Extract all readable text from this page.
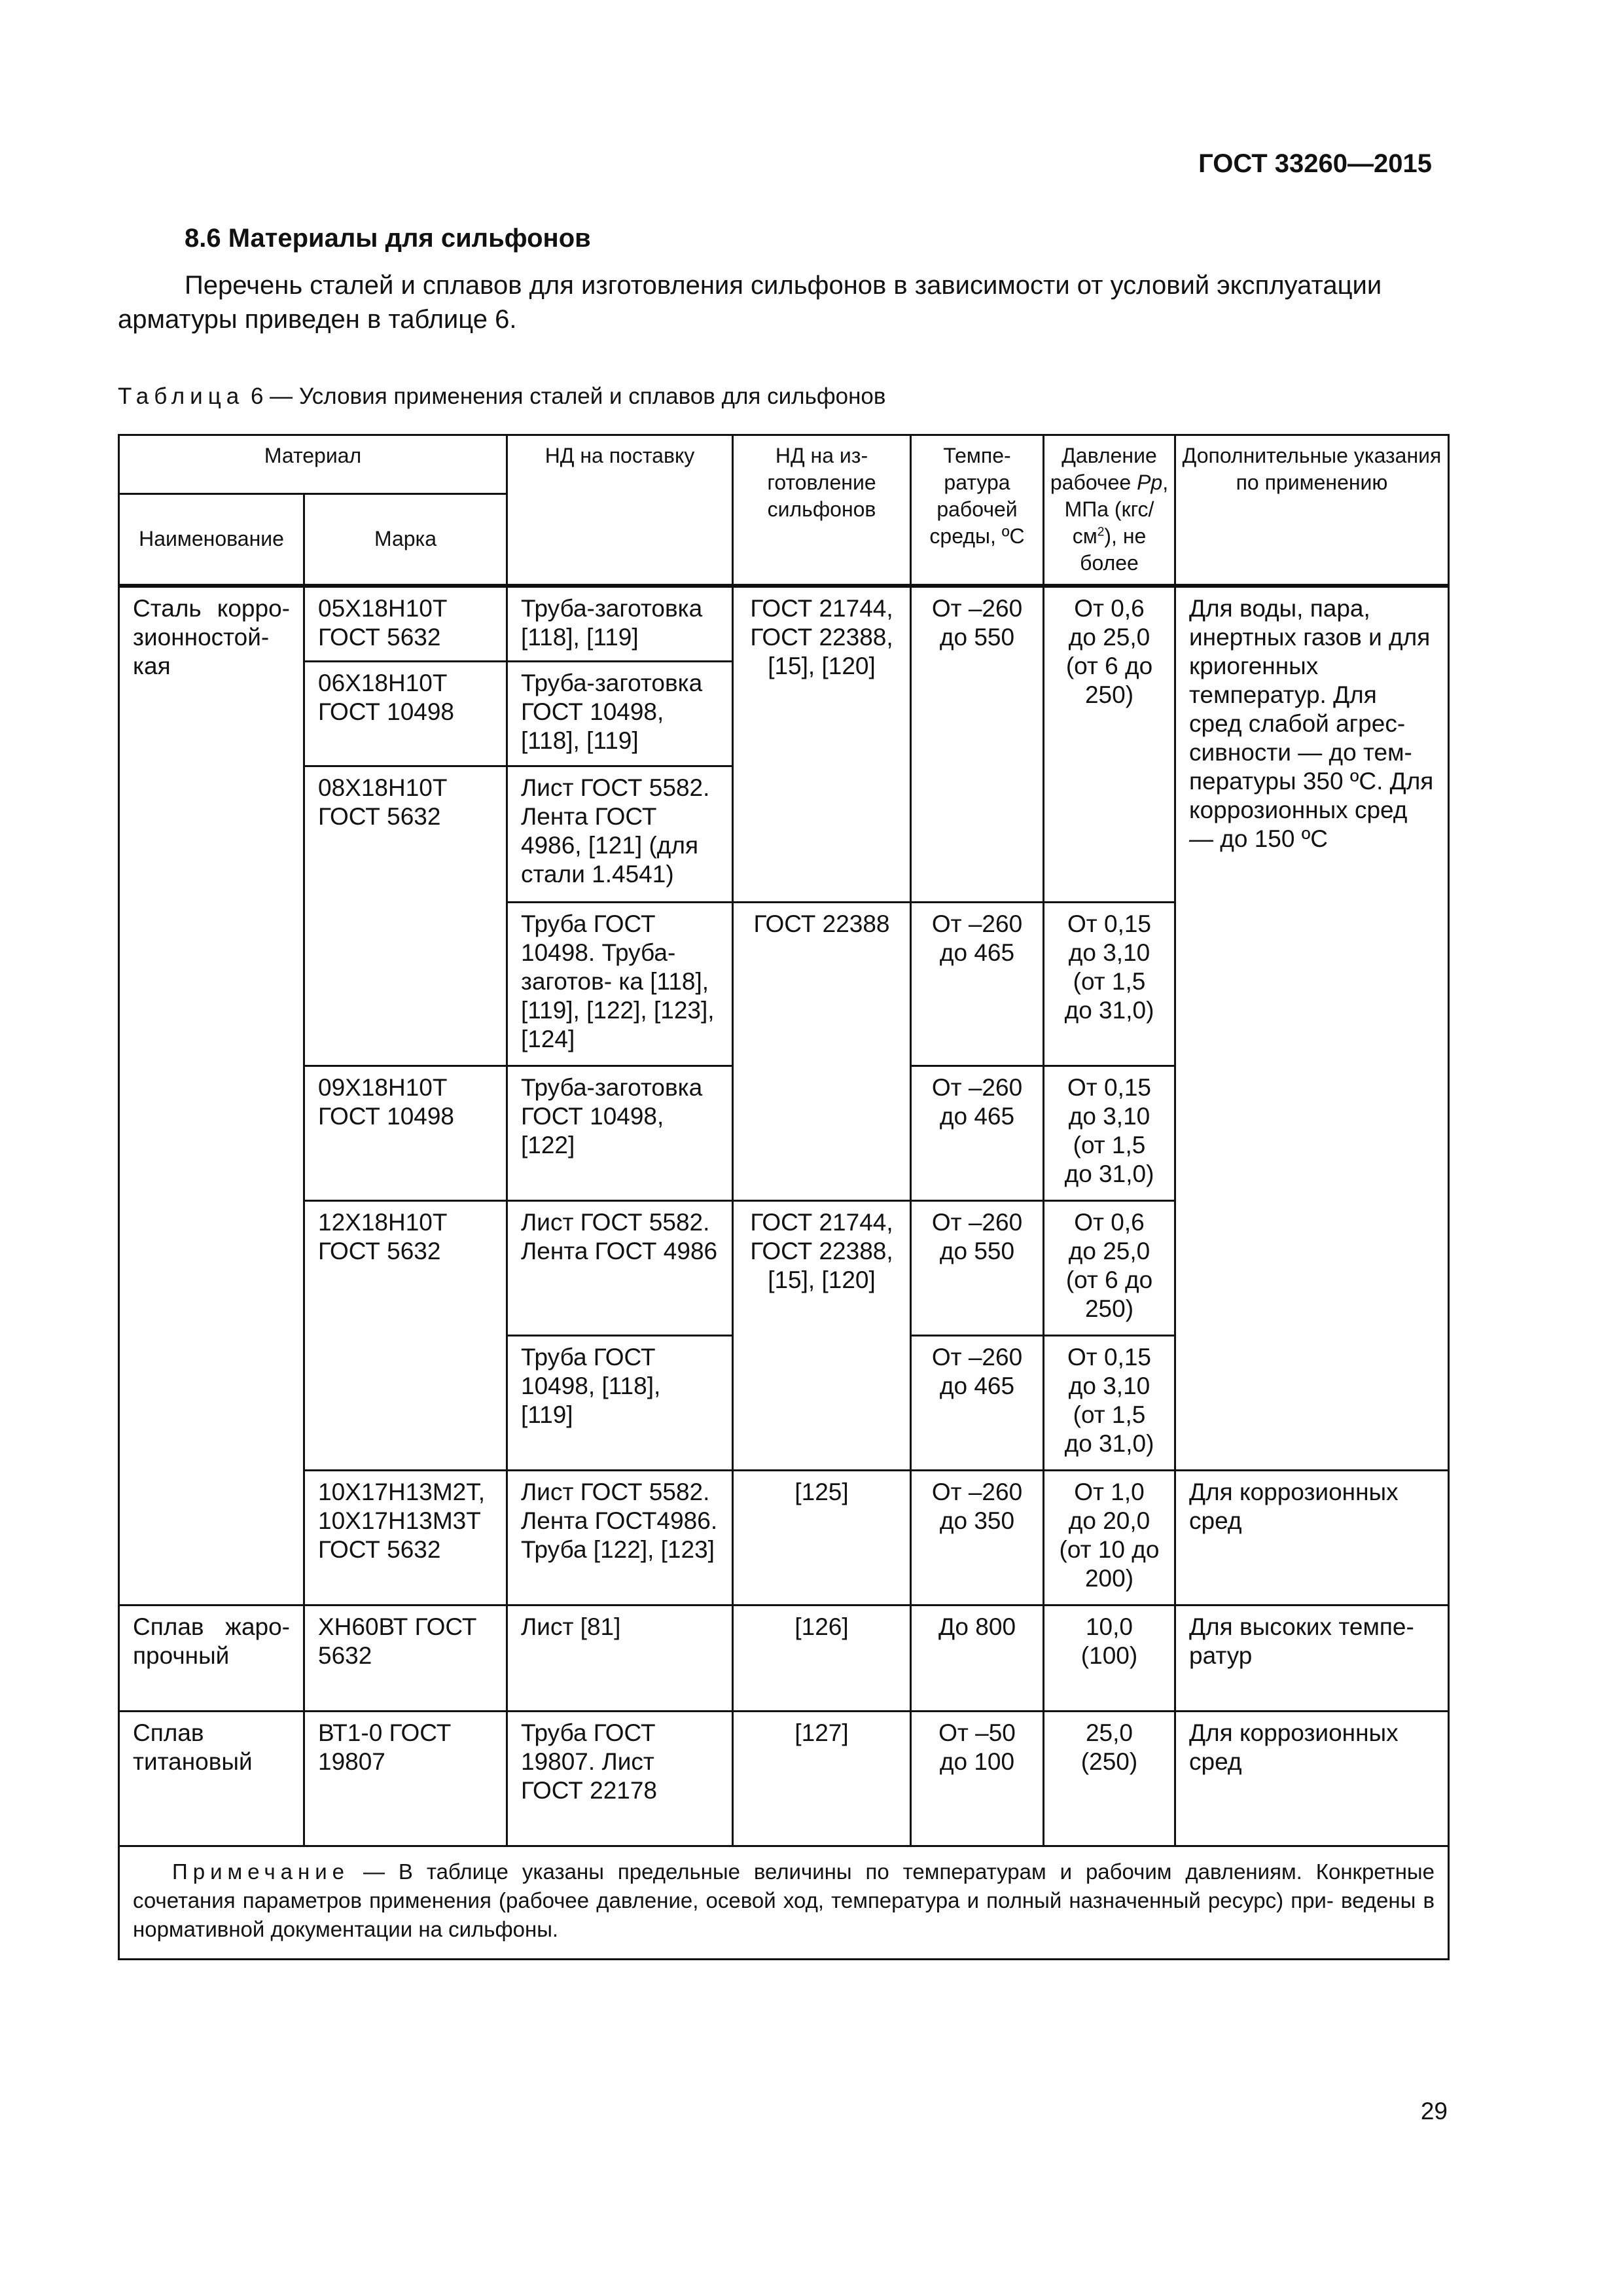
ГОСТ 33260—2015
8.6 Материалы для сильфонов
Перечень сталей и сплавов для изготовления сильфонов в зависимости от условий эксплуатации арматуры приведен в таблице 6.
Таблица 6 — Условия применения сталей и сплавов для сильфонов
Материал		НД на поставку	НД на из- готовление сильфонов	Темпе- ратура рабочей среды, ºС	Давление рабочее Рр, МПа $(кгс/см^2)$, не более	Дополнительные указания по применению
Наименование	Марка					
Сталь корро- зионностой- кая	05Х18Н10Т ГОСТ 5632	Труба-заготовка [118], [119]	ГОСТ 21744, ГОСТ 22388, [15], [120]	От –260 до 550	От 0,6 до 25,0 (от 6 до 250)	Для воды, пара, инертных газов и для криогенных температур. Для сред слабой агрес- сивности — до тем- пературы 350 ºС. Для коррозионных сред — до 150 ºС
	06Х18Н10Т ГОСТ 10498	Труба-заготовка ГОСТ 10498, [118], [119]				
	08Х18Н10Т ГОСТ 5632	Лист ГОСТ 5582. Лента ГОСТ 4986, [121] (для стали 1.4541)				
		Труба ГОСТ 10498. Труба-заготов- ка [118], [119], [122], [123], [124]	ГОСТ 22388	От –260 до 465	От 0,15 до 3,10 (от 1,5 до 31,0)	
	09Х18Н10Т ГОСТ 10498	Труба-заготовка ГОСТ 10498, [122]		От –260 до 465	От 0,15 до 3,10 (от 1,5 до 31,0)	
	12Х18Н10Т ГОСТ 5632	Лист ГОСТ 5582. Лента ГОСТ 4986	ГОСТ 21744, ГОСТ 22388, [15], [120]	От –260 до 550	От 0,6 до 25,0 (от 6 до 250)	
		Труба ГОСТ 10498, [118], [119]		От –260 до 465	От 0,15 до 3,10 (от 1,5 до 31,0)	
	10Х17Н13М2Т, 10Х17Н13М3Т ГОСТ 5632	Лист ГОСТ 5582. Лента ГОСТ4986. Труба [122], [123]	[125]	От –260 до 350	От 1,0 до 20,0 (от 10 до 200)	Для коррозионных сред
Сплав жаро- прочный	ХН60ВТ ГОСТ 5632	Лист [81]	[126]	До 800	10,0 (100)	Для высоких темпе- ратур
Сплав титановый	ВТ1-0 ГОСТ 19807	Труба ГОСТ 19807. Лист ГОСТ 22178	[127]	От –50 до 100	25,0 (250)	Для коррозионных сред
Примечание — В таблице указаны предельные величины по температурам и рабочим давлениям. Конкретные сочетания параметров применения (рабочее давление, осевой ход, температура и полный назначенный ресурс) при- ведены в нормативной документации на сильфоны.						
29
